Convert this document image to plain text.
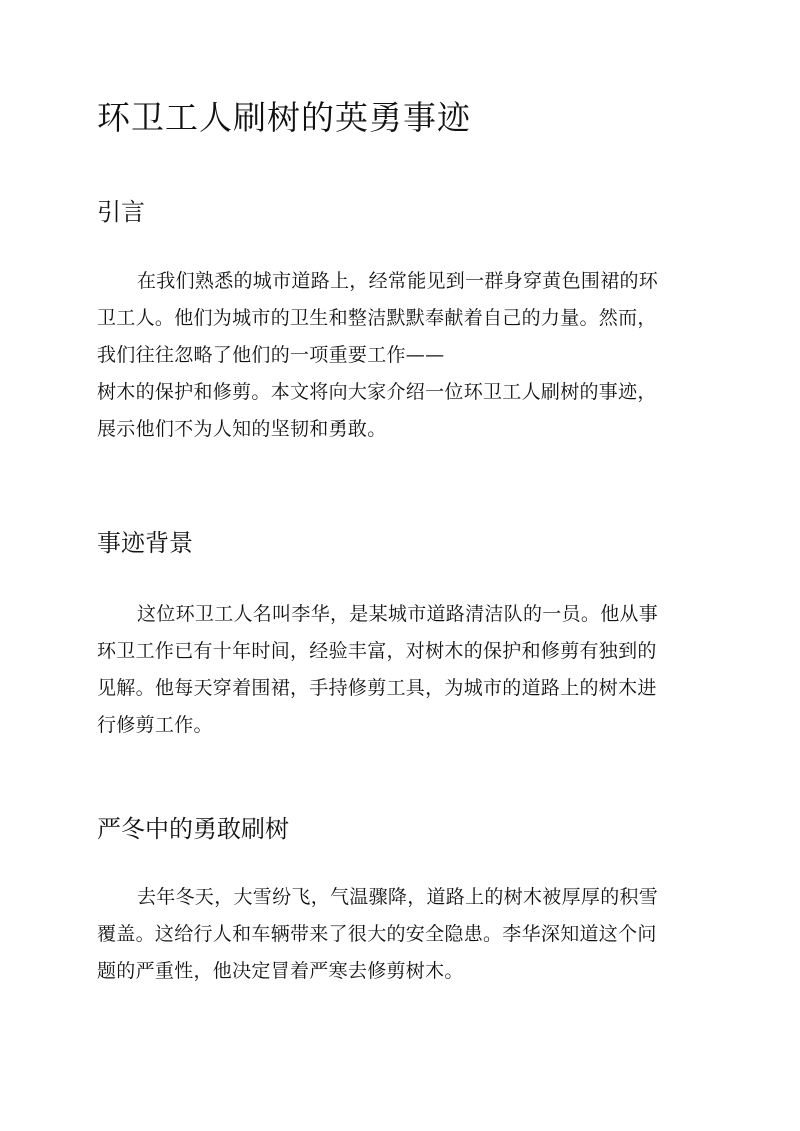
环卫工人刷树的英勇事迹
引言
在我们熟悉的城市道路上，经常能见到一群身穿黄色围裙的环
卫工人。他们为城市的卫生和整洁默默奉献着自己的力量。然而，
我们往往忽略了他们的一项重要工作——
树木的保护和修剪。本文将向大家介绍一位环卫工人刷树的事迹，
展示他们不为人知的坚韧和勇敢。
事迹背景
这位环卫工人名叫李华，是某城市道路清洁队的一员。他从事
环卫工作已有十年时间，经验丰富，对树木的保护和修剪有独到的
见解。他每天穿着围裙，手持修剪工具，为城市的道路上的树木进
行修剪工作。
严冬中的勇敢刷树
去年冬天，大雪纷飞，气温骤降，道路上的树木被厚厚的积雪
覆盖。这给行人和车辆带来了很大的安全隐患。李华深知道这个问
题的严重性，他决定冒着严寒去修剪树木。
